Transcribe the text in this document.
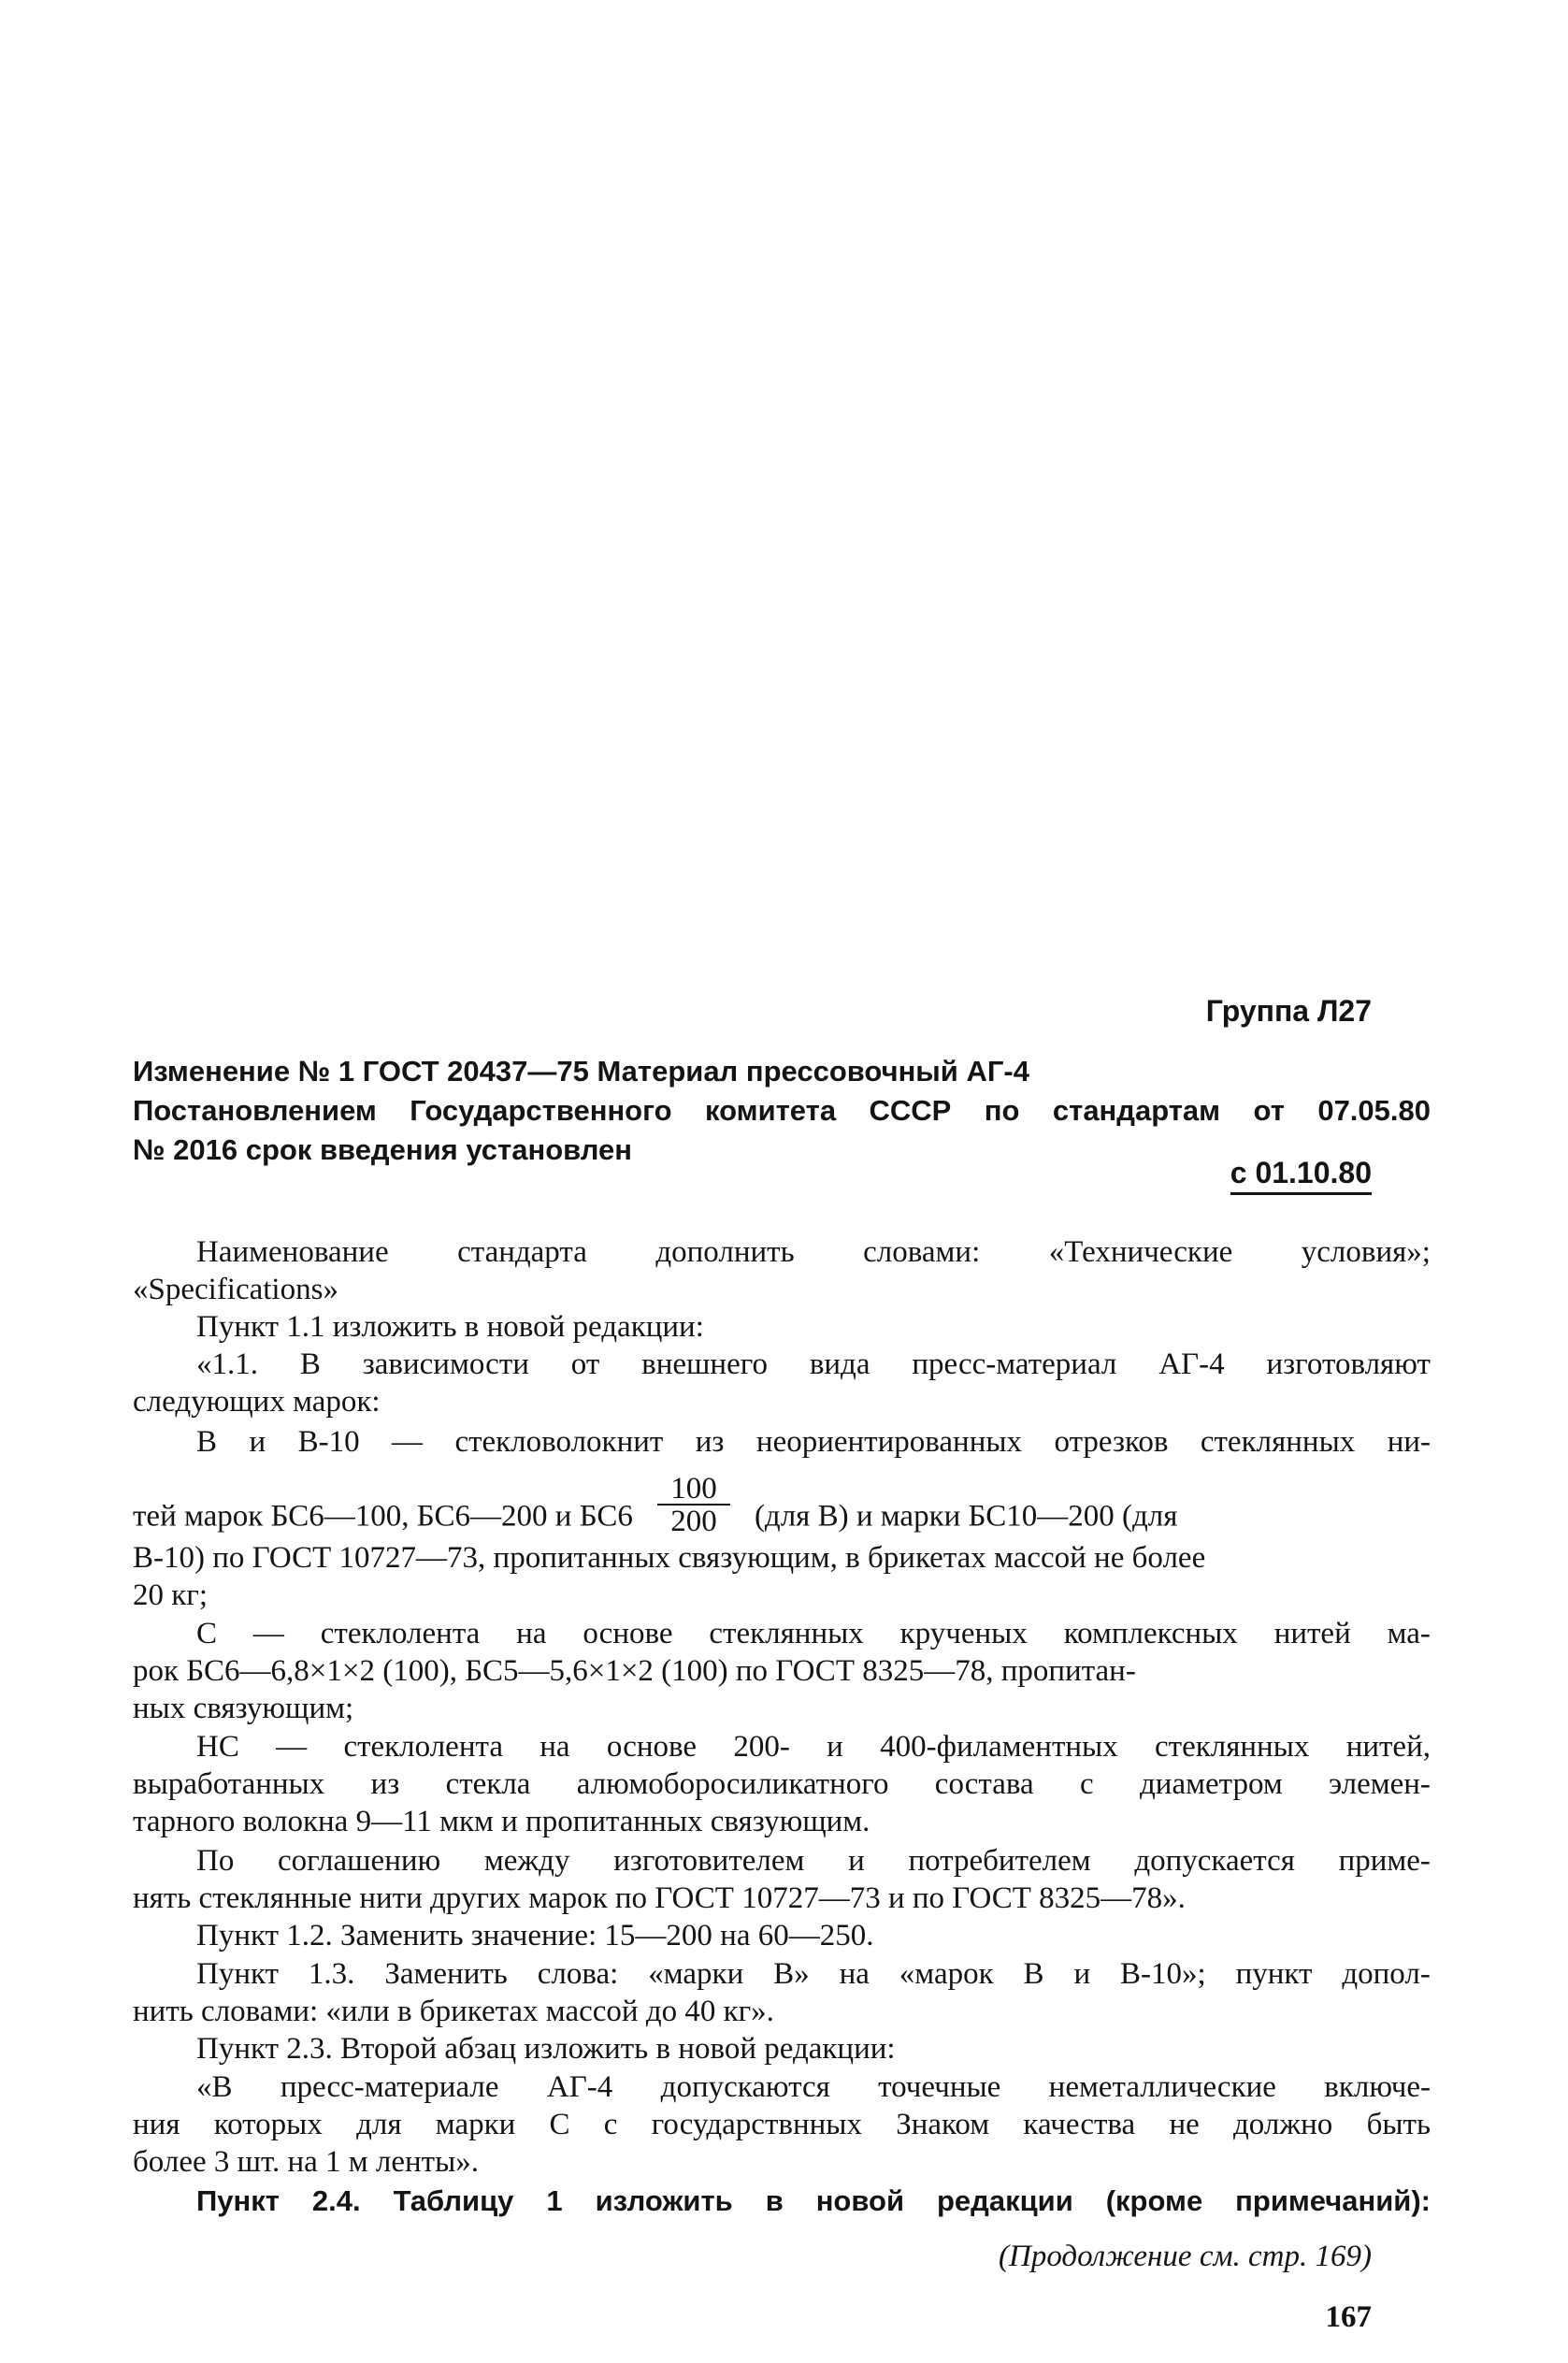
Группа Л27
Изменение № 1 ГОСТ 20437—75 Материал прессовочный АГ-4
Постановлением Государственного комитета СССР по стандартам от 07.05.80
№ 2016 срок введения установлен
с 01.10.80
Наименование стандарта дополнить словами: «Технические условия»;
«Specifications»
Пункт 1.1 изложить в новой редакции:
«1.1. В зависимости от внешнего вида пресс-материал АГ-4 изготовляют
следующих марок:
В и В-10 — стекловолокнит из неориентированных отрезков стеклянных ни-
тей марок БС6—100, БС6—200 и $БС6 \frac{100}{200} (для$ В) и марки БС10—200 (для
В-10) по ГОСТ 10727—73, пропитанных связующим, в брикетах массой не более
20 кг;
С — стеклолента на основе стеклянных крученых комплексных нитей ма-
рок БС6—6,8×1×2 (100), БС5—5,6×1×2 (100) по ГОСТ 8325—78, пропитан-
ных связующим;
НС — стеклолента на основе 200- и 400-филаментных стеклянных нитей,
выработанных из стекла алюмоборосиликатного состава с диаметром элемен-
тарного волокна 9—11 мкм и пропитанных связующим.
По соглашению между изготовителем и потребителем допускается приме-
нять стеклянные нити других марок по ГОСТ 10727—73 и по ГОСТ 8325—78».
Пункт 1.2. Заменить значение: 15—200 на 60—250.
Пункт 1.3. Заменить слова: «марки В» на «марок В и В-10»; пункт допол-
нить словами: «или в брикетах массой до 40 кг».
Пункт 2.3. Второй абзац изложить в новой редакции:
«В пресс-материале АГ-4 допускаются точечные неметаллические включе-
ния которых для марки С с государствнных Знаком качества не должно быть
более 3 шт. на 1 м ленты».
Пункт 2.4. Таблицу 1 изложить в новой редакции (кроме примечаний):
(Продолжение см. стр. 169)
167
